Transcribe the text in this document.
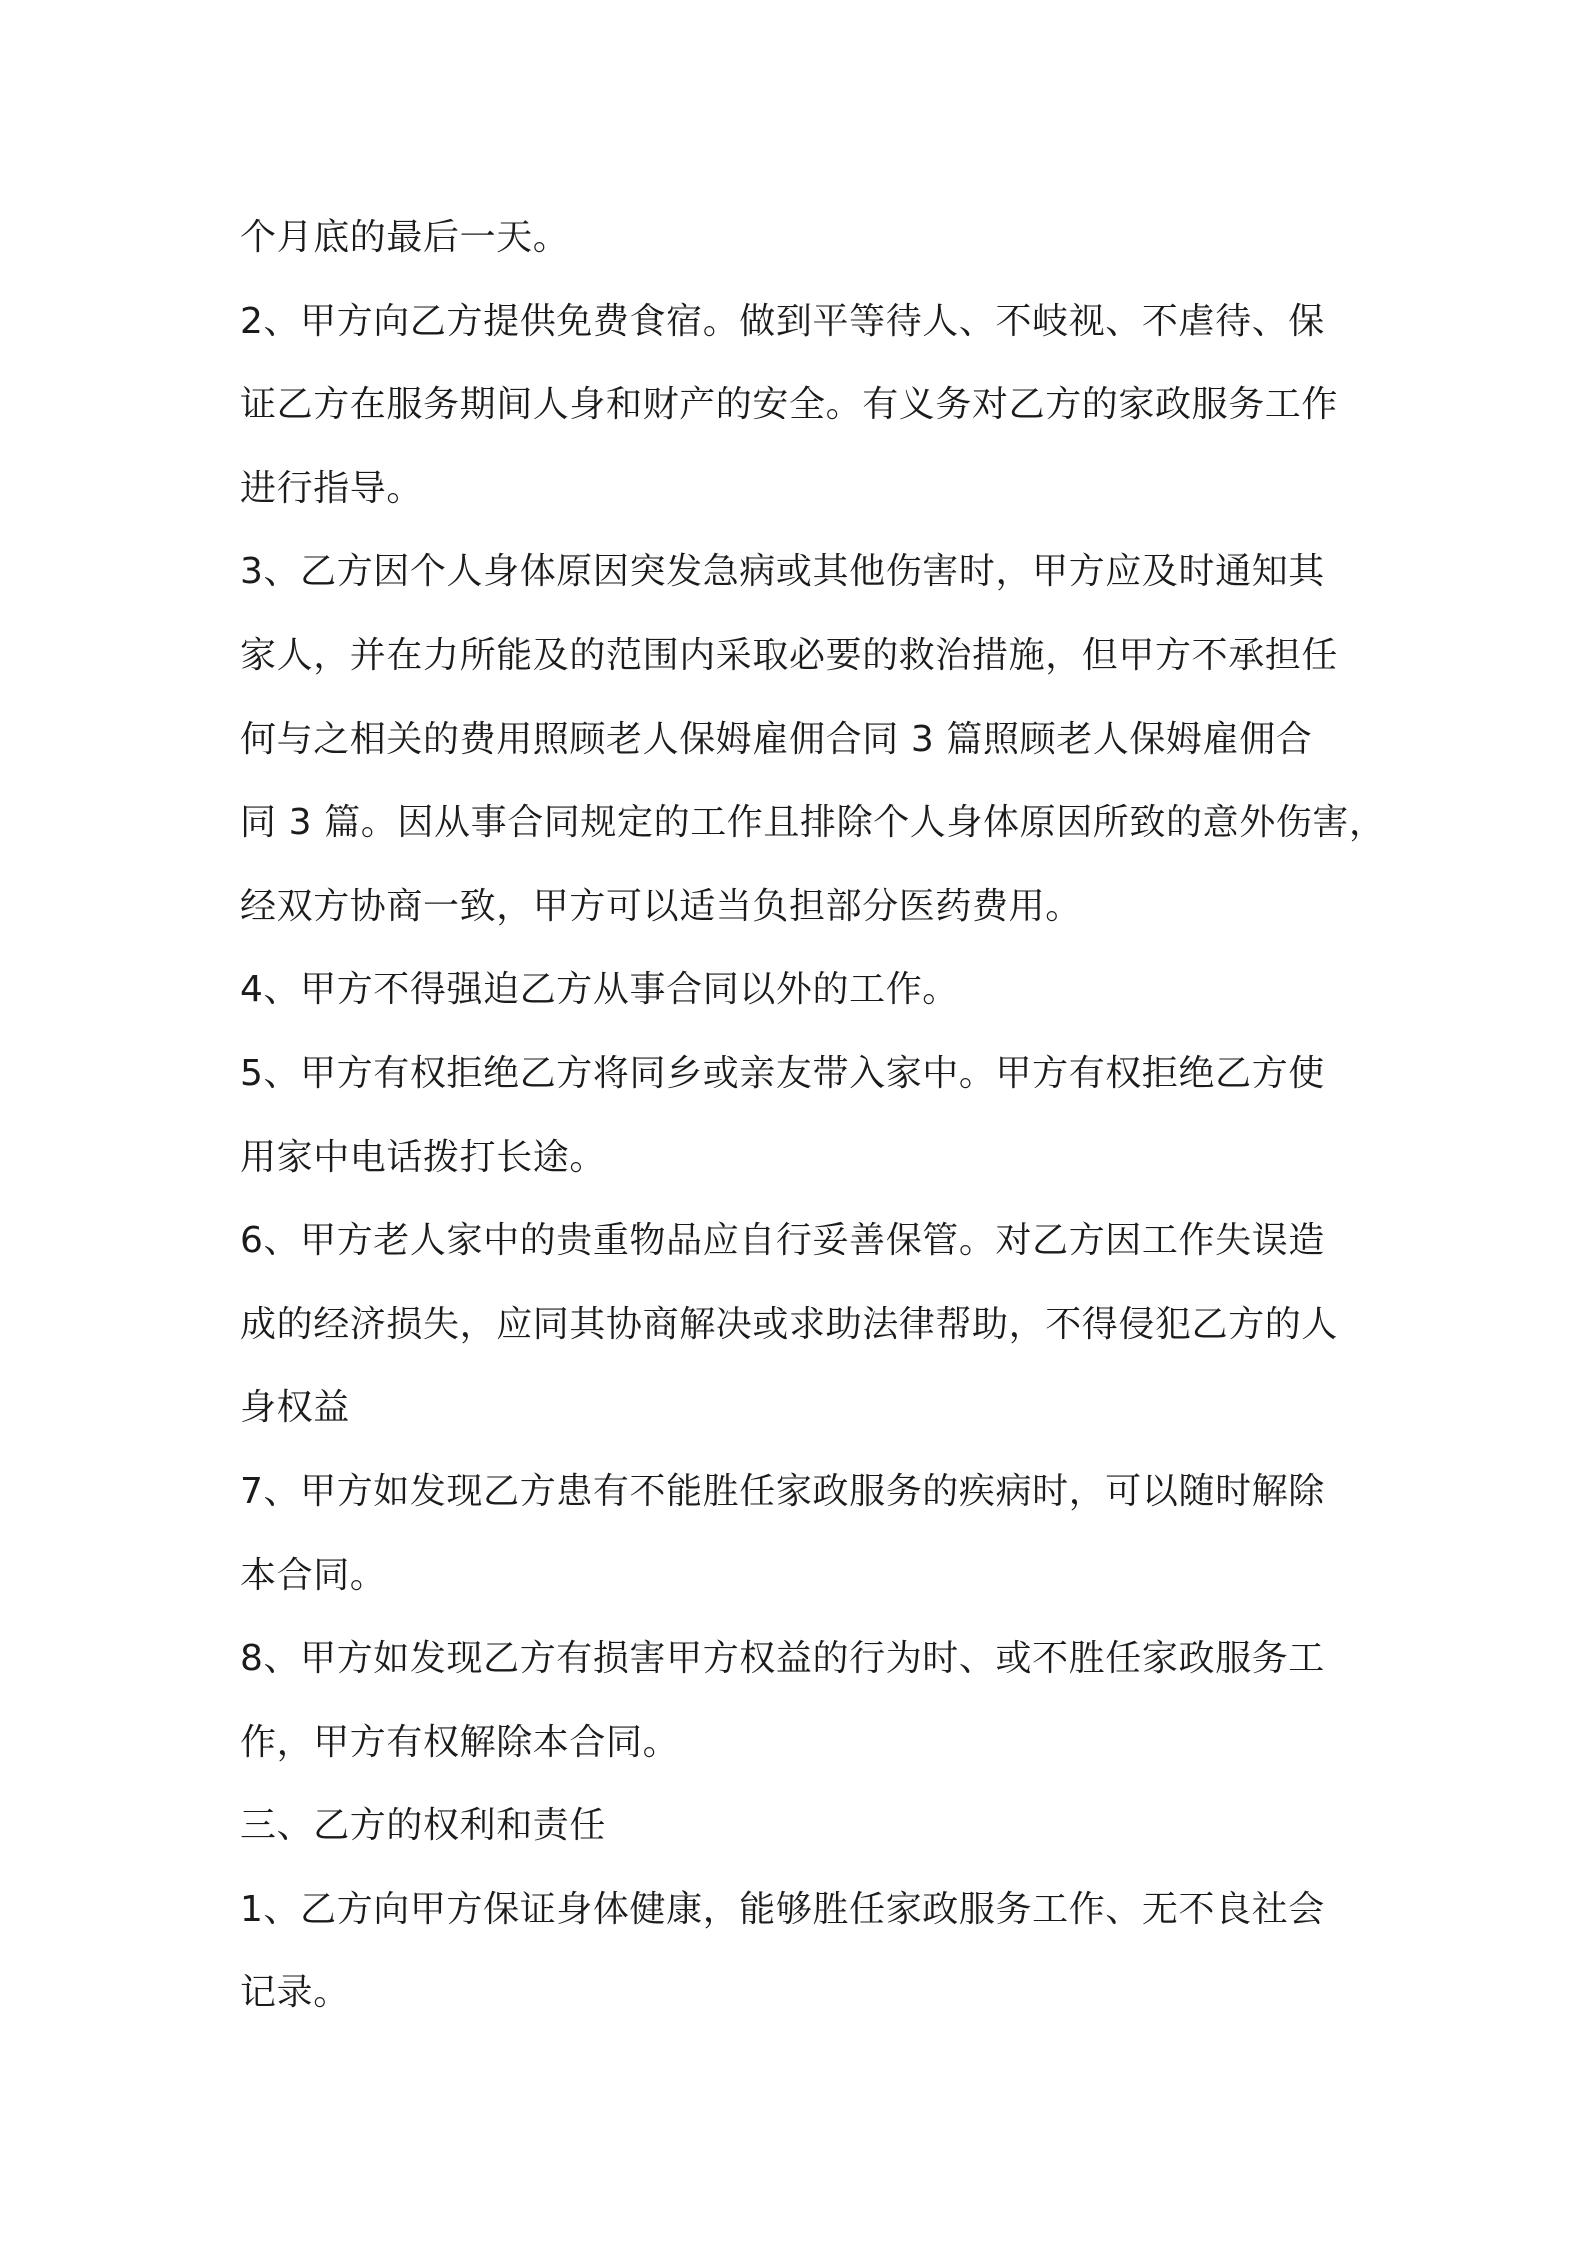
个月底的最后一天。
2、甲方向乙方提供免费食宿。做到平等待人、不岐视、不虐待、保
证乙方在服务期间人身和财产的安全。有义务对乙方的家政服务工作
进行指导。
3、乙方因个人身体原因突发急病或其他伤害时，甲方应及时通知其
家人，并在力所能及的范围内采取必要的救治措施，但甲方不承担任
何与之相关的费用照顾老人保姆雇佣合同 3 篇照顾老人保姆雇佣合
同 3 篇。因从事合同规定的工作且排除个人身体原因所致的意外伤害，
经双方协商一致，甲方可以适当负担部分医药费用。
4、甲方不得强迫乙方从事合同以外的工作。
5、甲方有权拒绝乙方将同乡或亲友带入家中。甲方有权拒绝乙方使
用家中电话拨打长途。
6、甲方老人家中的贵重物品应自行妥善保管。对乙方因工作失误造
成的经济损失，应同其协商解决或求助法律帮助，不得侵犯乙方的人
身权益
7、甲方如发现乙方患有不能胜任家政服务的疾病时，可以随时解除
本合同。
8、甲方如发现乙方有损害甲方权益的行为时、或不胜任家政服务工
作，甲方有权解除本合同。
三、乙方的权利和责任
1、乙方向甲方保证身体健康，能够胜任家政服务工作、无不良社会
记录。
